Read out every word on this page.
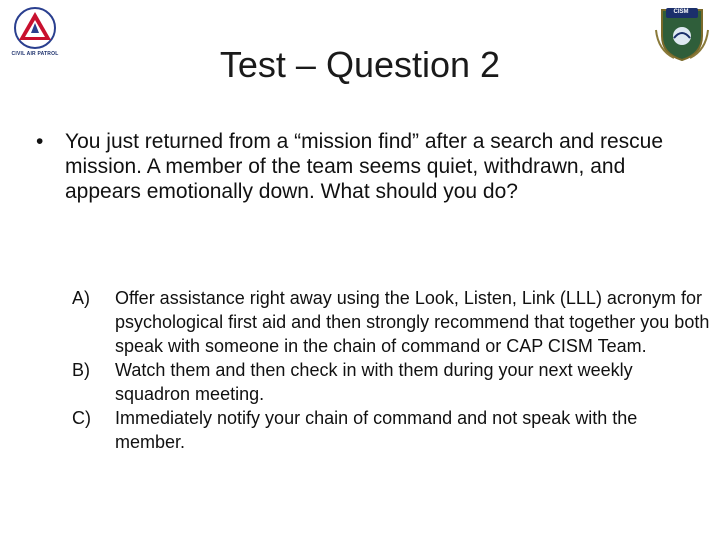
CIVIL AIR PATROL
CISM
Test – Question 2
• You just returned from a “mission find” after a search and rescue mission. A member of the team seems quiet, withdrawn, and appears emotionally down. What should you do?
A) Offer assistance right away using the Look, Listen, Link (LLL) acronym for psychological first aid and then strongly recommend that together you both speak with someone in the chain of command or CAP CISM Team.
B) Watch them and then check in with them during your next weekly squadron meeting.
C) Immediately notify your chain of command and not speak with the member.
